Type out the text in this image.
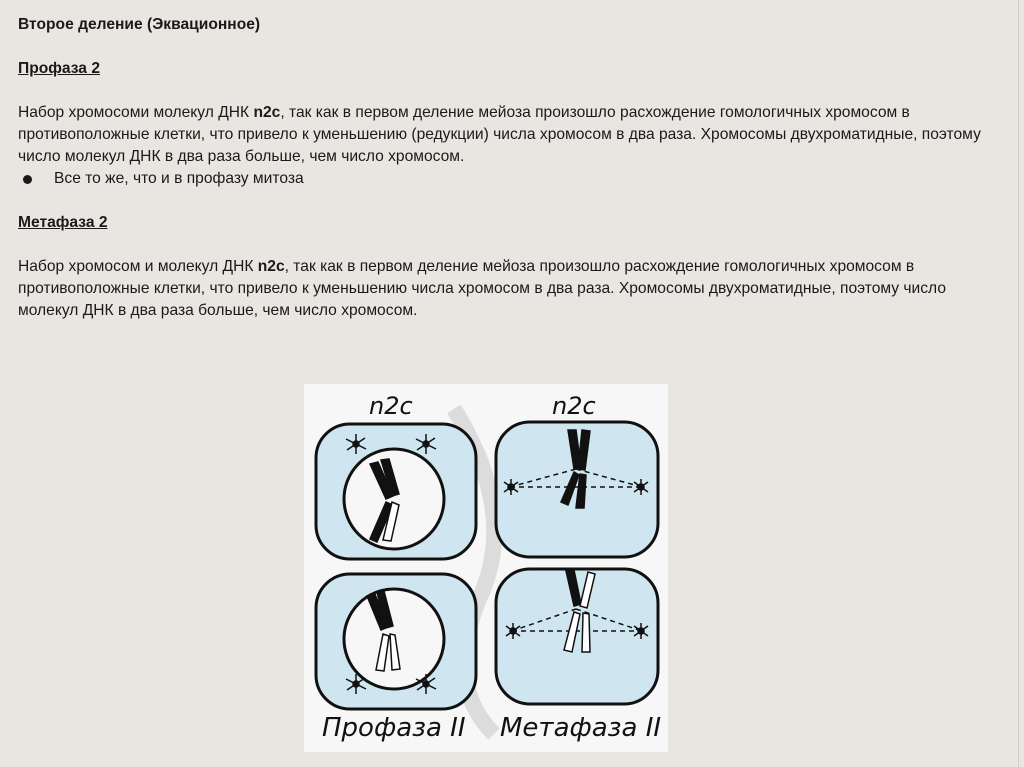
Второе деление (Эквационное)

Профаза 2

Набор хромосоми молекул ДНК n2c, так как в первом деление мейоза произошло расхождение гомологичных хромосом в противоположные клетки, что привело к уменьшению (редукции) числа хромосом в два раза. Хромосомы двухроматидные, поэтому число молекул ДНК в два раза больше, чем число хромосом.

Все то же, что и в профазу митоза

Метафаза 2

Набор хромосом и молекул ДНК n2c, так как в первом деление мейоза произошло расхождение гомологичных хромосом в противоположные клетки, что привело к уменьшению числа хромосом в два раза. Хромосомы двухроматидные, поэтому число молекул ДНК в два раза больше, чем число хромосом.

n2c	n2c
Профаза II Метафаза II
